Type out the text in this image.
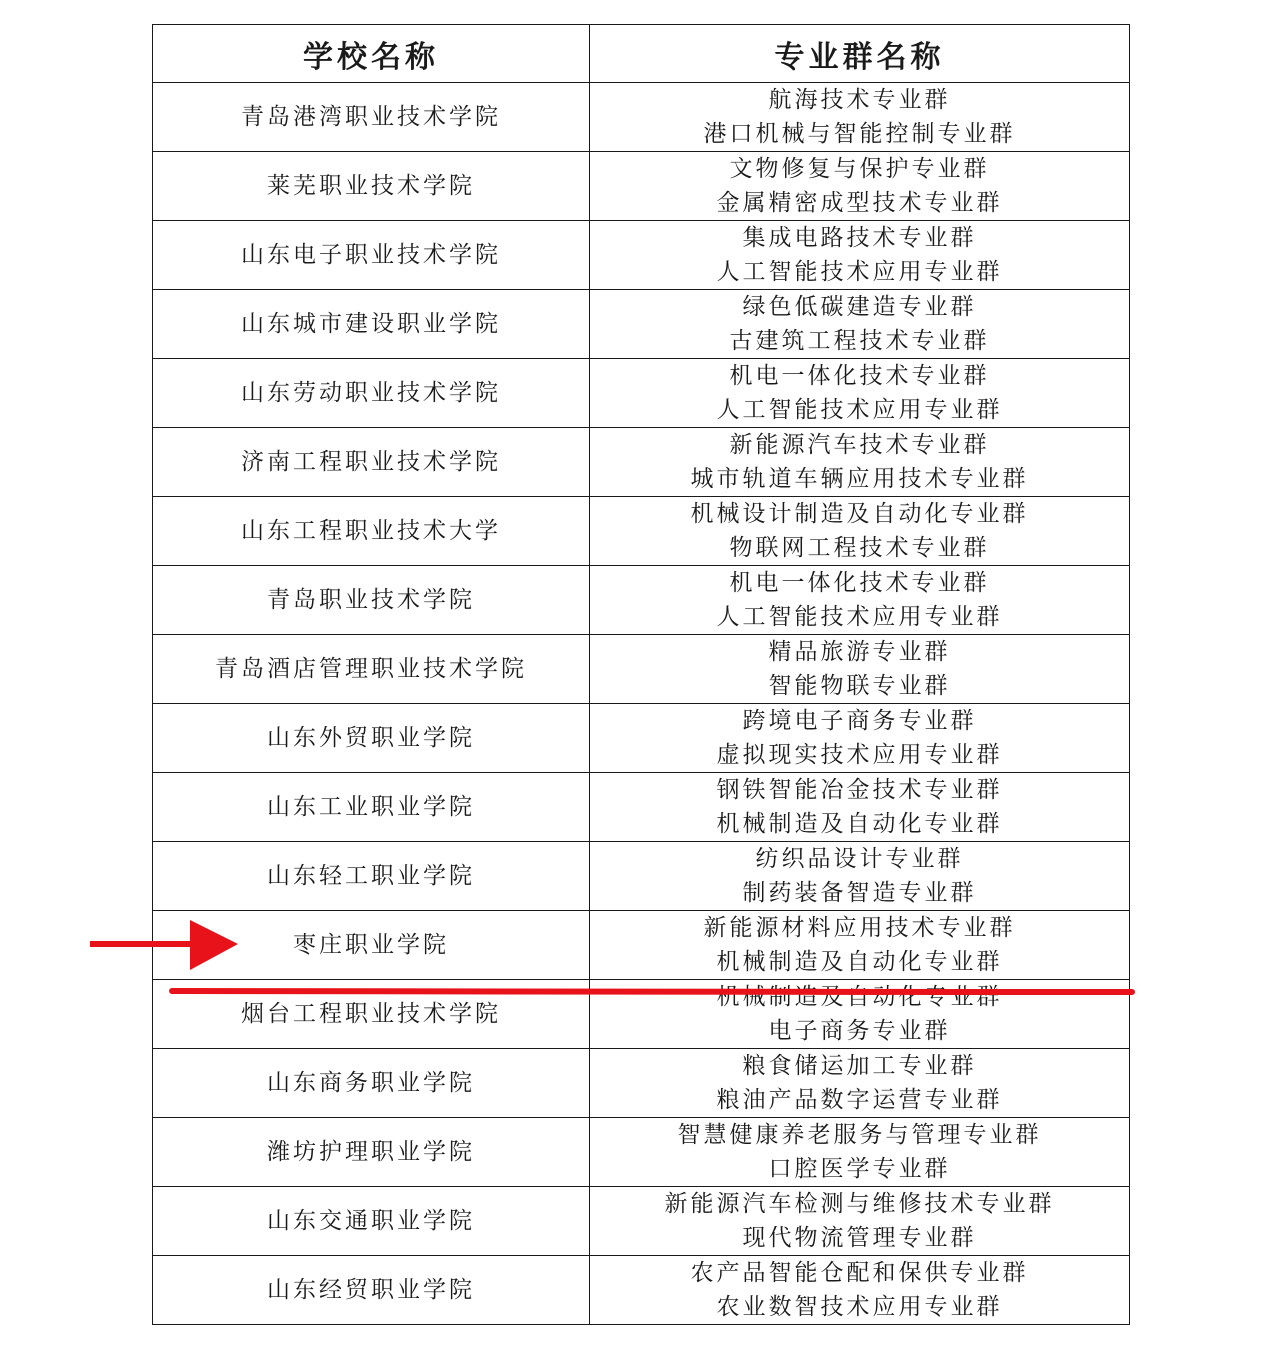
学校名称	专业群名称
青岛港湾职业技术学院	航海技术专业群
港口机械与智能控制专业群

莱芜职业技术学院	文物修复与保护专业群
金属精密成型技术专业群

山东电子职业技术学院	集成电路技术专业群
人工智能技术应用专业群

山东城市建设职业学院	绿色低碳建造专业群
古建筑工程技术专业群

山东劳动职业技术学院	机电一体化技术专业群
人工智能技术应用专业群

济南工程职业技术学院	新能源汽车技术专业群
城市轨道车辆应用技术专业群

山东工程职业技术大学	机械设计制造及自动化专业群
物联网工程技术专业群

青岛职业技术学院	机电一体化技术专业群
人工智能技术应用专业群

青岛酒店管理职业技术学院	精品旅游专业群
智能物联专业群

山东外贸职业学院	跨境电子商务专业群
虚拟现实技术应用专业群

山东工业职业学院	钢铁智能冶金技术专业群
机械制造及自动化专业群

山东轻工职业学院	纺织品设计专业群
制药装备智造专业群

枣庄职业学院	新能源材料应用技术专业群
机械制造及自动化专业群

烟台工程职业技术学院	机械制造及自动化专业群
电子商务专业群

山东商务职业学院	粮食储运加工专业群
粮油产品数字运营专业群

潍坊护理职业学院	智慧健康养老服务与管理专业群
口腔医学专业群

山东交通职业学院	新能源汽车检测与维修技术专业群
现代物流管理专业群

山东经贸职业学院	农产品智能仓配和保供专业群
农业数智技术应用专业群
